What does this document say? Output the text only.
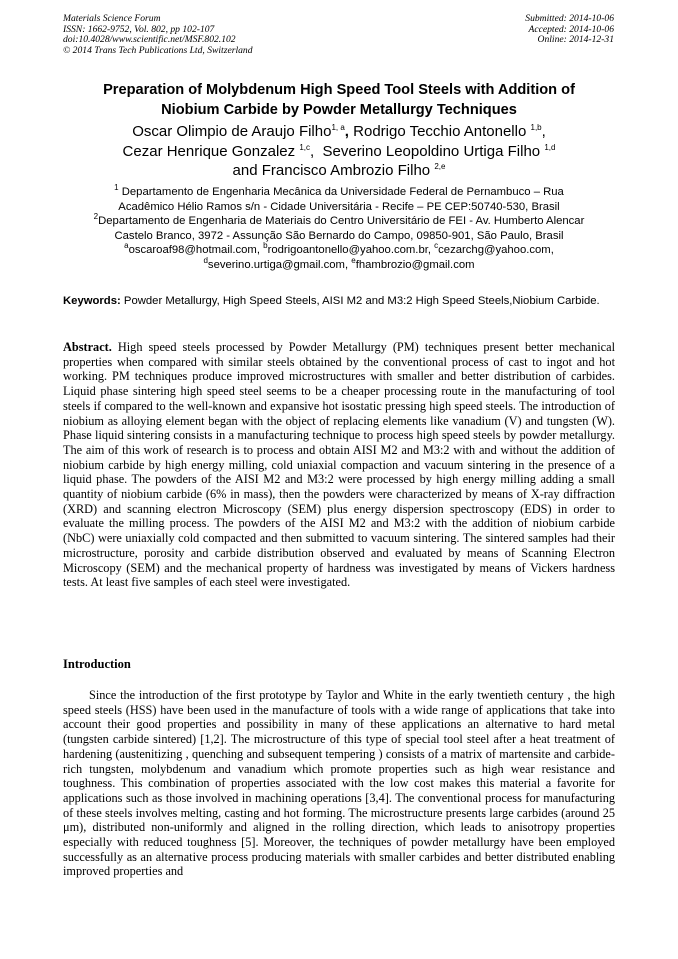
Materials Science Forum
ISSN: 1662-9752, Vol. 802, pp 102-107
doi:10.4028/www.scientific.net/MSF.802.102
© 2014 Trans Tech Publications Ltd, Switzerland
Submitted: 2014-10-06
Accepted: 2014-10-06
Online: 2014-12-31
Preparation of Molybdenum High Speed Tool Steels with Addition of
Niobium Carbide by Powder Metallurgy Techniques
Oscar Olimpio de Araujo Filho$^{1, a}$, Rodrigo Tecchio Antonello $^{1,b}$,
Cezar Henrique Gonzalez $^{1,c}$,  Severino Leopoldino Urtiga Filho $^{1,d}$
and Francisco Ambrozio Filho $^{2,e}$
$^1$ Departamento de Engenharia Mecânica da Universidade Federal de Pernambuco – Rua
Acadêmico Hélio Ramos s/n - Cidade Universitária - Recife – PE CEP:50740-530, Brasil
$^2$Departamento de Engenharia de Materiais do Centro Universitário de FEI - Av. Humberto Alencar
Castelo Branco, 3972 - Assunção São Bernardo do Campo, 09850-901, São Paulo, Brasil
$^a$oscaroaf98@hotmail.com, $^b$rodrigoantonello@yahoo.com.br, $^c$cezarchg@yahoo.com,
$^d$severino.urtiga@gmail.com, $^e$fhambrozio@gmail.com
Keywords: Powder Metallurgy, High Speed Steels, AISI M2 and M3:2 High Speed Steels,Niobium Carbide.
Abstract. High speed steels processed by Powder Metallurgy (PM) techniques present better mechanical properties when compared with similar steels obtained by the conventional process of cast to ingot and hot working. PM techniques produce improved microstructures with smaller and better distribution of carbides. Liquid phase sintering high speed steel seems to be a cheaper processing route in the manufacturing of tool steels if compared to the well-known and expansive hot isostatic pressing high speed steels. The introduction of niobium as alloying element began with the object of replacing elements like vanadium (V) and tungsten (W). Phase liquid sintering consists in a manufacturing technique to process high speed steels by powder metallurgy. The aim of this work of research is to process and obtain AISI M2 and M3:2 with and without the addition of niobium carbide by high energy milling, cold uniaxial compaction and vacuum sintering in the presence of a liquid phase. The powders of the AISI M2 and M3:2 were processed by high energy milling adding a small quantity of niobium carbide (6% in mass), then the powders were characterized by means of X-ray diffraction (XRD) and scanning electron Microscopy (SEM) plus energy dispersion spectroscopy (EDS) in order to evaluate the milling process. The powders of the AISI M2 and M3:2 with the addition of niobium carbide (NbC) were uniaxially cold compacted and then submitted to vacuum sintering. The sintered samples had their microstructure, porosity and carbide distribution observed and evaluated by means of Scanning Electron Microscopy (SEM) and the mechanical property of hardness was investigated by means of Vickers hardness tests. At least five samples of each steel were investigated.
Introduction
Since the introduction of the first prototype by Taylor and White in the early twentieth century , the high speed steels (HSS) have been used in the manufacture of tools with a wide range of applications that take into account their good properties and possibility in many of these applications an alternative to hard metal (tungsten carbide sintered) [1,2]. The microstructure of this type of special tool steel after a heat treatment of hardening (austenitizing , quenching and subsequent tempering ) consists of a matrix of martensite and carbide-rich tungsten, molybdenum and vanadium which promote properties such as high wear resistance and toughness. This combination of properties associated with the low cost makes this material a favorite for applications such as those involved in machining operations [3,4]. The conventional process for manufacturing of these steels involves melting, casting and hot forming. The microstructure presents large carbides (around 25 μm), distributed non-uniformly and aligned in the rolling direction, which leads to anisotropy properties especially with reduced toughness [5]. Moreover, the techniques of powder metallurgy have been employed successfully as an alternative process producing materials with smaller carbides and better distributed enabling improved properties and
